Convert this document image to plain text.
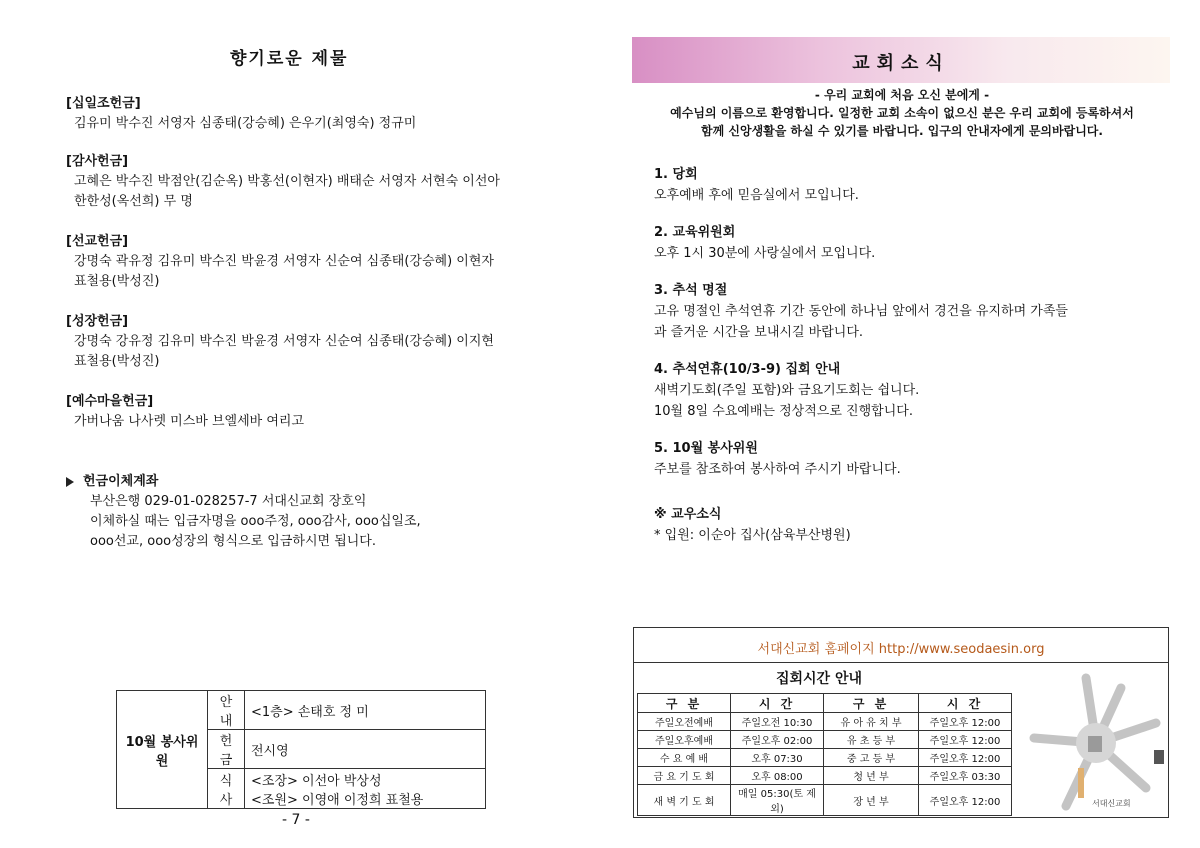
향기로운 제물
[십일조헌금]
김유미 박수진 서영자 심종태(강승혜) 은우기(최영숙) 정규미
[감사헌금]
고혜은 박수진 박점안(김순옥) 박홍선(이현자) 배태순 서영자 서현숙 이선아
한한성(옥선희) 무 명
[선교헌금]
강명숙 곽유정 김유미 박수진 박윤경 서영자 신순여 심종태(강승혜) 이현자
표철용(박성진)
[성장헌금]
강명숙 강유정 김유미 박수진 박윤경 서영자 신순여 심종태(강승혜) 이지현
표철용(박성진)
[예수마을헌금]
가버나움 나사렛 미스바 브엘세바 여리고
헌금이체계좌
부산은행 029-01-028257-7 서대신교회 장호익
이체하실 때는 입금자명을 ooo주정, ooo감사, ooo십일조,
ooo선교, ooo성장의 형식으로 입금하시면 됩니다.
10월 봉사위원	안내	<1층> 손태호 정 미
	헌금	전시영
	식사	<조장> 이선아 박상성
<조원> 이영애 이정희 표철용
- 7 -
교회소식
- 우리 교회에 처음 오신 분에게 -
예수님의 이름으로 환영합니다. 일정한 교회 소속이 없으신 분은 우리 교회에 등록하셔서
함께 신앙생활을 하실 수 있기를 바랍니다. 입구의 안내자에게 문의바랍니다.
1. 당회
오후예배 후에 믿음실에서 모입니다.
2. 교육위원회
오후 1시 30분에 사랑실에서 모입니다.
3. 추석 명절
고유 명절인 추석연휴 기간 동안에 하나님 앞에서 경건을 유지하며 가족들
과 즐거운 시간을 보내시길 바랍니다.
4. 추석연휴(10/3-9) 집회 안내
새벽기도회(주일 포함)와 금요기도회는 쉽니다.
10월 8일 수요예배는 정상적으로 진행합니다.
5. 10월 봉사위원
주보를 참조하여 봉사하여 주시기 바랍니다.
※ 교우소식
* 입원: 이순아 집사(삼육부산병원)
서대신교회 홈페이지 http://www.seodaesin.org
집회시간 안내
구 분	시 간	구 분	시 간
주일오전예배	주일오전 10:30	유 아 유 치 부	주일오후 12:00
주일오후예배	주일오후 02:00	유 초 등 부	주일오후 12:00
수 요 예 배	오후 07:30	중 고 등 부	주일오후 12:00
금 요 기 도 회	오후 08:00	청 년 부	주일오후 03:30
새 벽 기 도 회	매일 05:30(토 제외)	장 년 부	주일오후 12:00	서대신교회
